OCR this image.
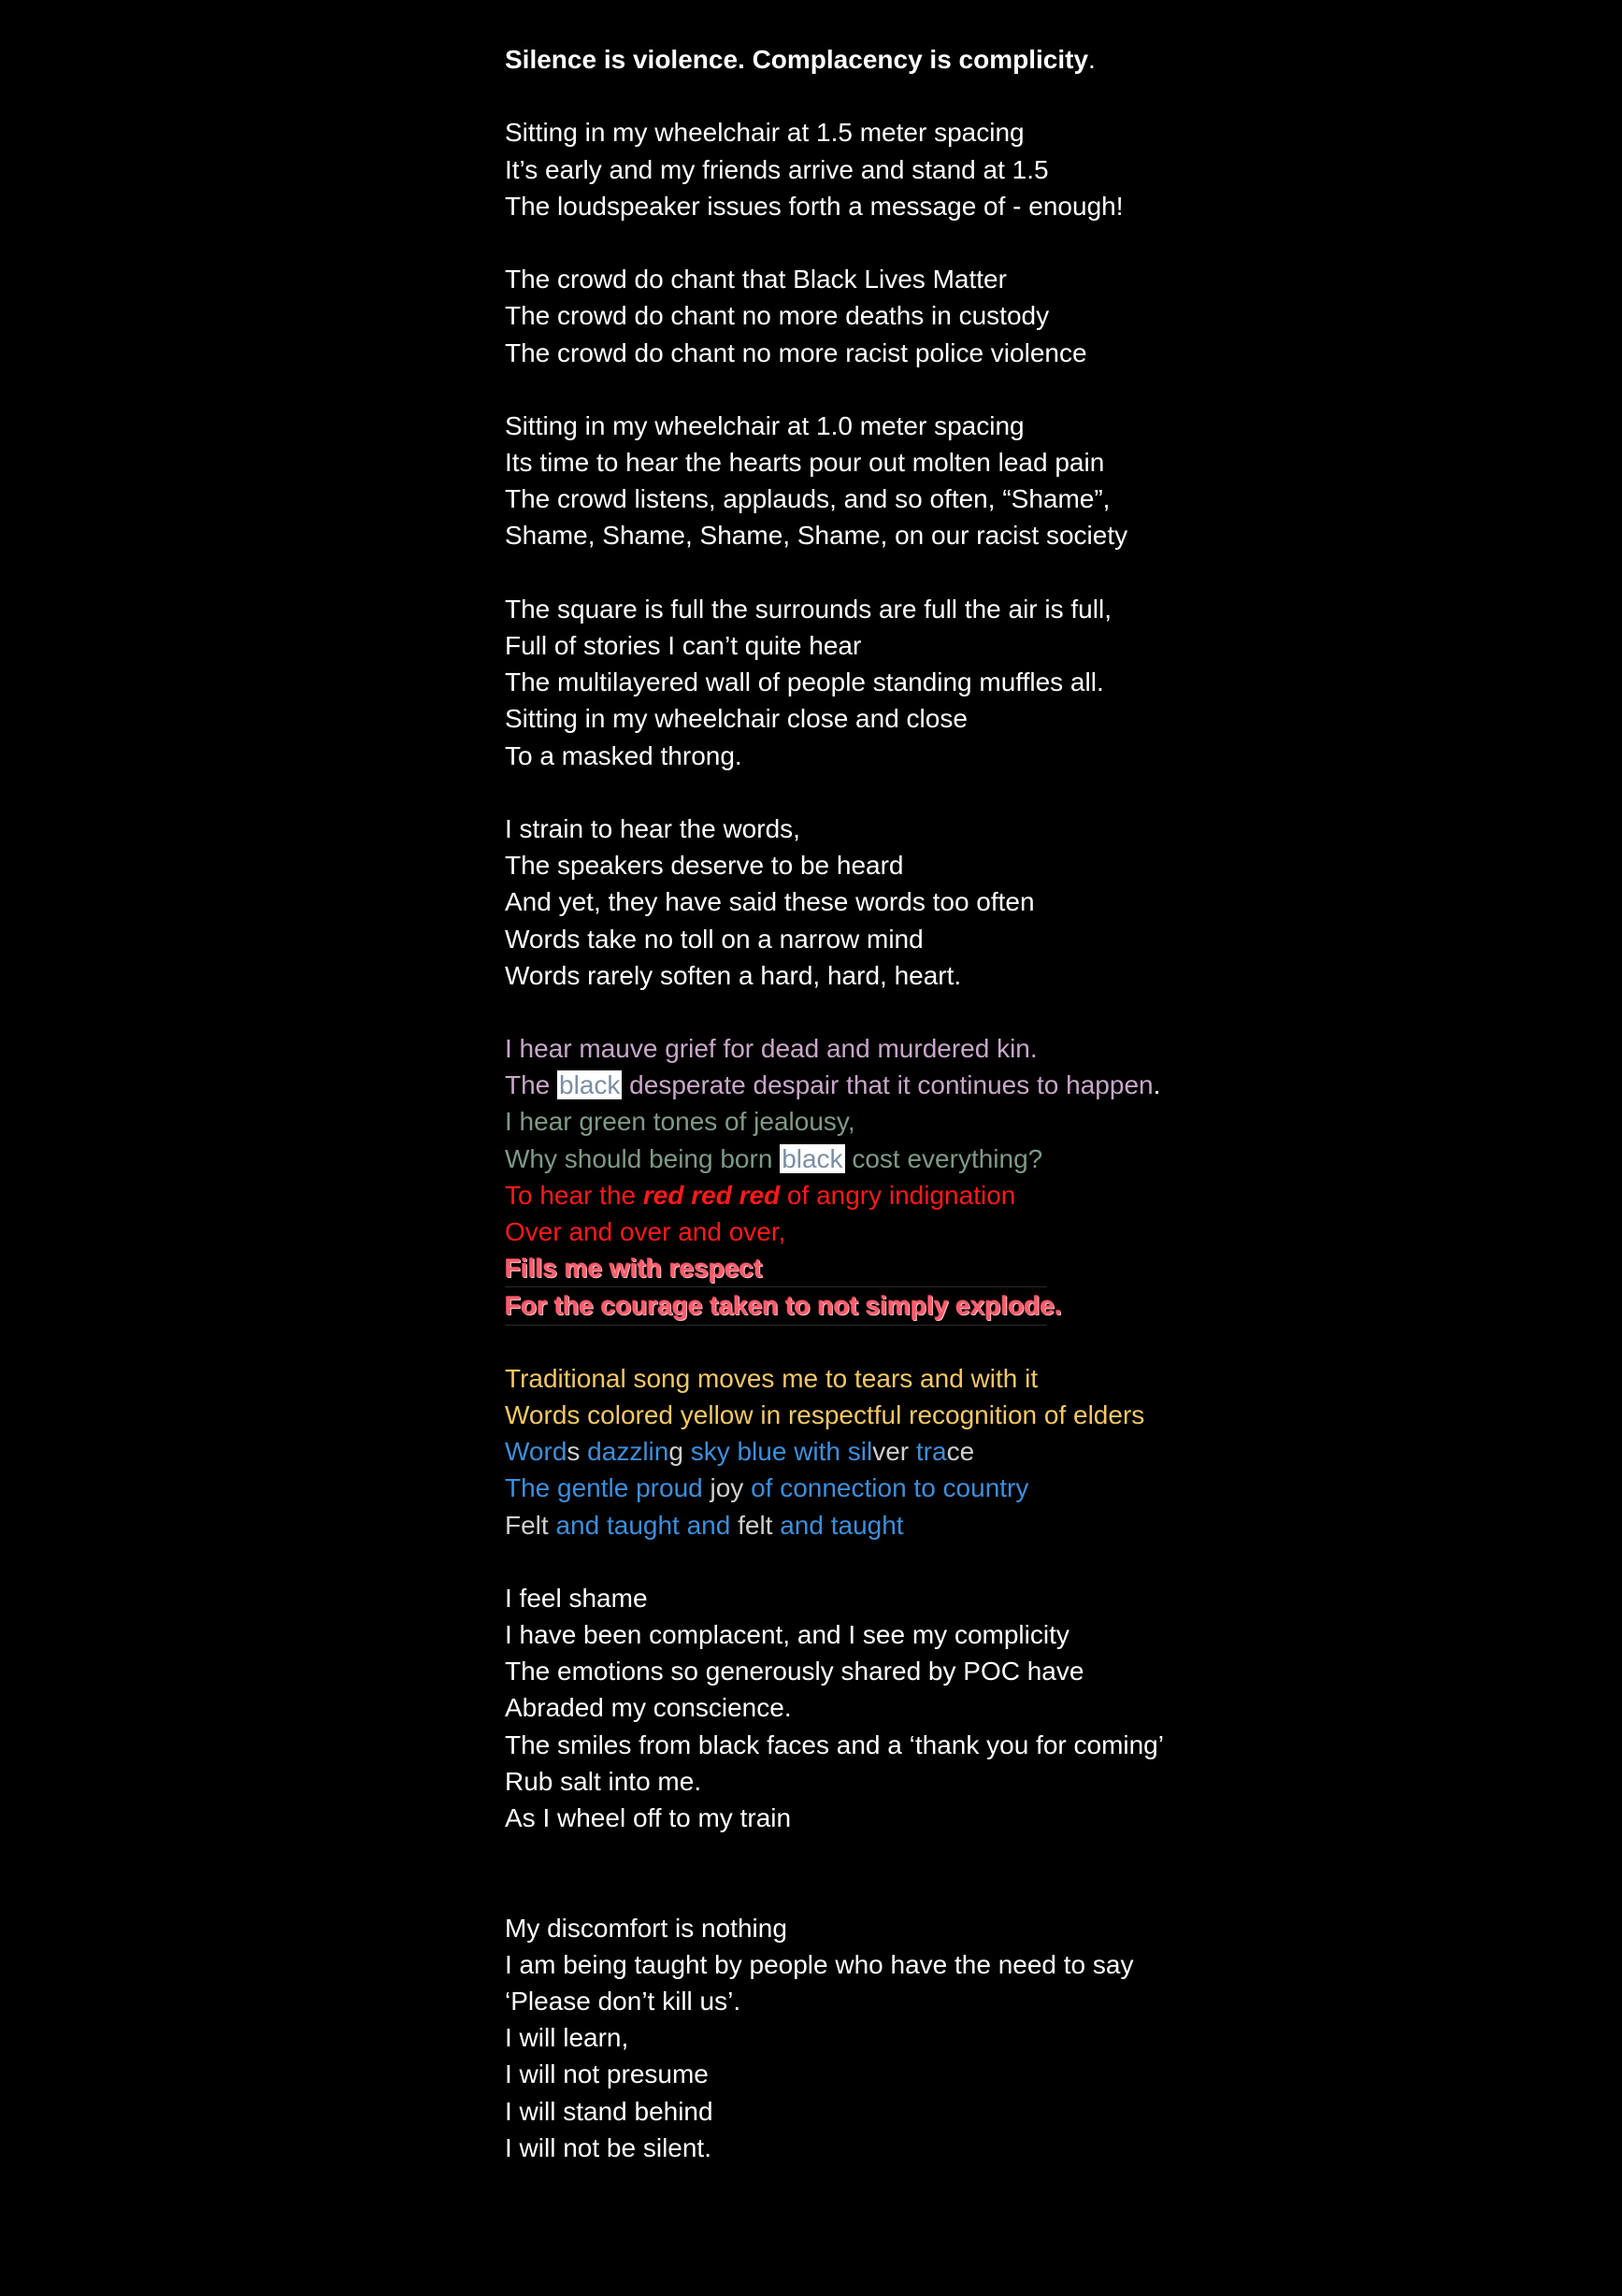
Silence is violence. Complacency is complicity.
Sitting in my wheelchair at 1.5 meter spacing
It’s early and my friends arrive and stand at 1.5
The loudspeaker issues forth a message of - enough!
The crowd do chant that Black Lives Matter
The crowd do chant no more deaths in custody
The crowd do chant no more racist police violence
Sitting in my wheelchair at 1.0 meter spacing
Its time to hear the hearts pour out molten lead pain
The crowd listens, applauds, and so often, “Shame”,
Shame, Shame, Shame, Shame, on our racist society
The square is full the surrounds are full the air is full,
Full of stories I can’t quite hear
The multilayered wall of people standing muffles all.
Sitting in my wheelchair close and close
To a masked throng.
I strain to hear the words,
The speakers deserve to be heard
And yet, they have said these words too often
Words take no toll on a narrow mind
Words rarely soften a hard, hard, heart.
I hear mauve grief for dead and murdered kin.
The black desperate despair that it continues to happen.
I hear green tones of jealousy,
Why should being born black cost everything?
To hear the red red red of angry indignation
Over and over and over,
Fills me with respect
For the courage taken to not simply explode.
Traditional song moves me to tears and with it
Words colored yellow in respectful recognition of elders
Words dazzling sky blue with silver trace
The gentle proud joy of connection to country
Felt and taught and felt and taught
I feel shame
I have been complacent, and I see my complicity
The emotions so generously shared by POC have
Abraded my conscience.
The smiles from black faces and a ‘thank you for coming’
Rub salt into me.
As I wheel off to my train
My discomfort is nothing
I am being taught by people who have the need to say
‘Please don’t kill us’.
I will learn,
I will not presume
I will stand behind
I will not be silent.
